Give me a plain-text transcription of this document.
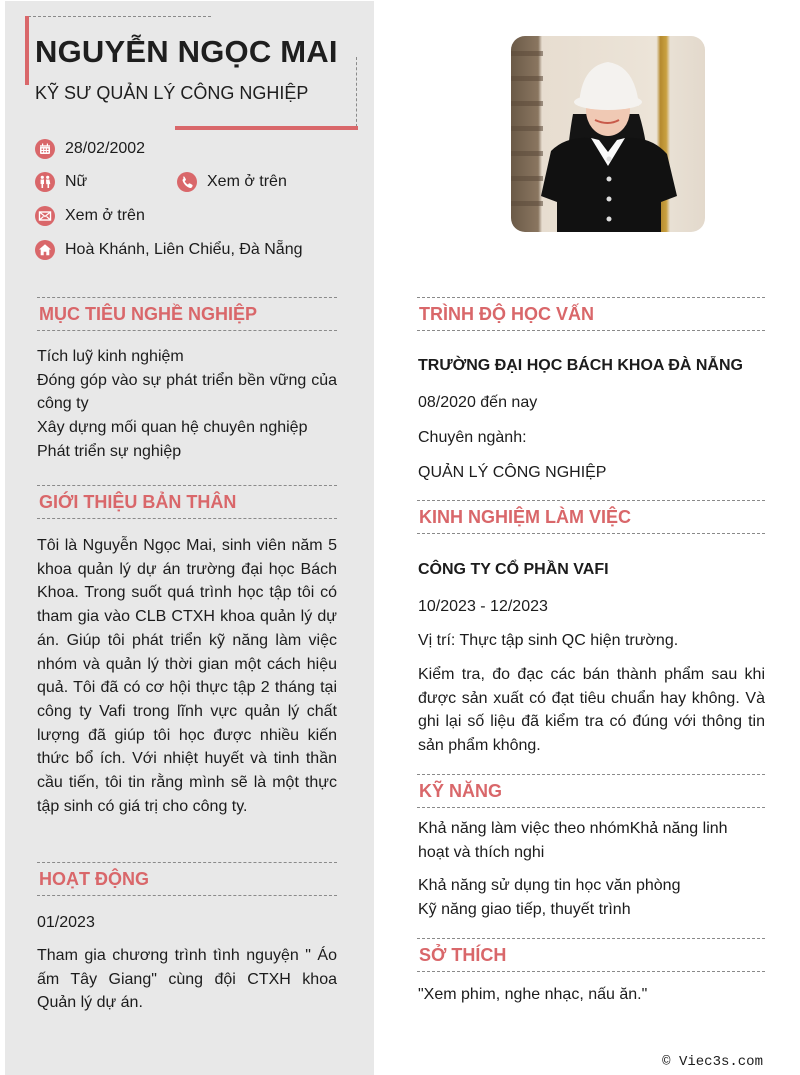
NGUYỄN NGỌC MAI
KỸ SƯ QUẢN LÝ CÔNG NGHIỆP
28/02/2002
Nữ	Xem ở trên
Xem ở trên
Hoà Khánh, Liên Chiểu, Đà Nẵng
MỤC TIÊU NGHỀ NGHIỆP
Tích luỹ kinh nghiệm
Đóng góp vào sự phát triển bền vững của công ty
Xây dựng mối quan hệ chuyên nghiệp
Phát triển sự nghiệp
GIỚI THIỆU BẢN THÂN
Tôi là Nguyễn Ngọc Mai, sinh viên năm 5 khoa quản lý dự án trường đại học Bách Khoa. Trong suốt quá trình học tập tôi có tham gia vào CLB CTXH khoa quản lý dự án. Giúp tôi phát triển kỹ năng làm việc nhóm và quản lý thời gian một cách hiệu quả. Tôi đã có cơ hội thực tập 2 tháng tại công ty Vafi trong lĩnh vực quản lý chất lượng đã giúp tôi học được nhiều kiến thức bổ ích. Với nhiệt huyết và tinh thần cầu tiến, tôi tin rằng mình sẽ là một thực tập sinh có giá trị cho công ty.
HOẠT ĐỘNG
01/2023
Tham gia chương trình tình nguyện " Áo ấm Tây Giang" cùng đội CTXH khoa Quản lý dự án.
TRÌNH ĐỘ HỌC VẤN
TRƯỜNG ĐẠI HỌC BÁCH KHOA ĐÀ NẴNG
08/2020 đến nay
Chuyên ngành:
QUẢN LÝ CÔNG NGHIỆP
KINH NGHIỆM LÀM VIỆC
CÔNG TY CỔ PHẦN VAFI
10/2023 - 12/2023
Vị trí: Thực tập sinh QC hiện trường.
Kiểm tra, đo đạc các bán thành phẩm sau khi được sản xuất có đạt tiêu chuẩn hay không. Và ghi lại số liệu đã kiểm tra có đúng với thông tin sản phẩm không.
KỸ NĂNG
Khả năng làm việc theo nhómKhả năng linh hoạt và thích nghi
Khả năng sử dụng tin học văn phòng
Kỹ năng giao tiếp, thuyết trình
SỞ THÍCH
"Xem phim, nghe nhạc, nấu ăn."
© Viec3s.com
